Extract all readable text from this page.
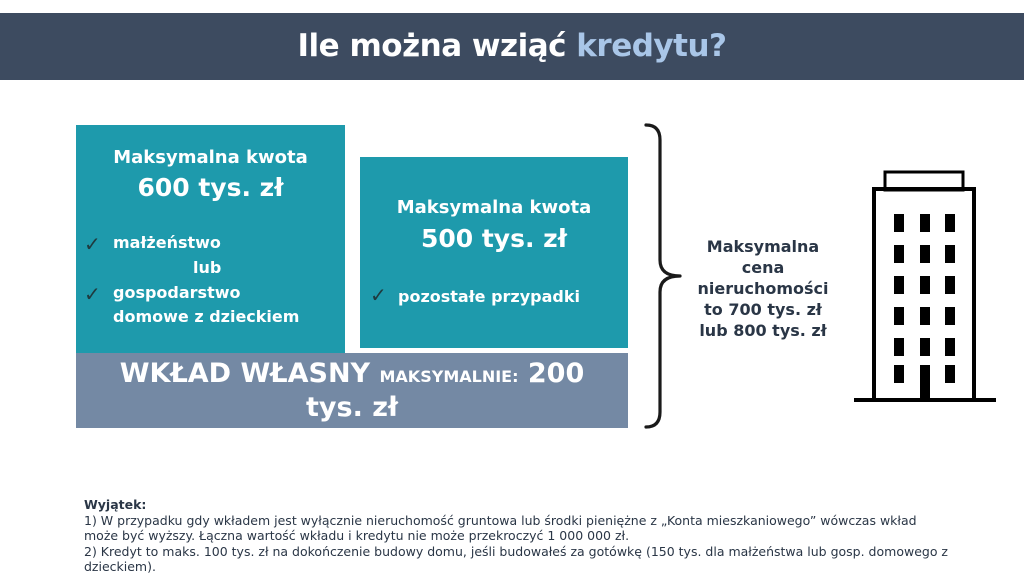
Ile można wziąć kredytu?
Maksymalna kwota
600 tys. zł
✓ małżeństwo
lub
✓ gospodarstwo
domowe z dzieckiem
Maksymalna kwota
500 tys. zł
✓ pozostałe przypadki
WKŁAD WŁASNY MAKSYMALNIE: 200
tys. zł
Maksymalna
cena
nieruchomości
to 700 tys. zł
lub 800 tys. zł
Wyjątek:
1) W przypadku gdy wkładem jest wyłącznie nieruchomość gruntowa lub środki pieniężne z „Konta mieszkaniowego” wówczas wkład
może być wyższy. Łączna wartość wkładu i kredytu nie może przekroczyć 1 000 000 zł.
2) Kredyt to maks. 100 tys. zł na dokończenie budowy domu, jeśli budowałeś za gotówkę (150 tys. dla małżeństwa lub gosp. domowego z
dzieckiem).
